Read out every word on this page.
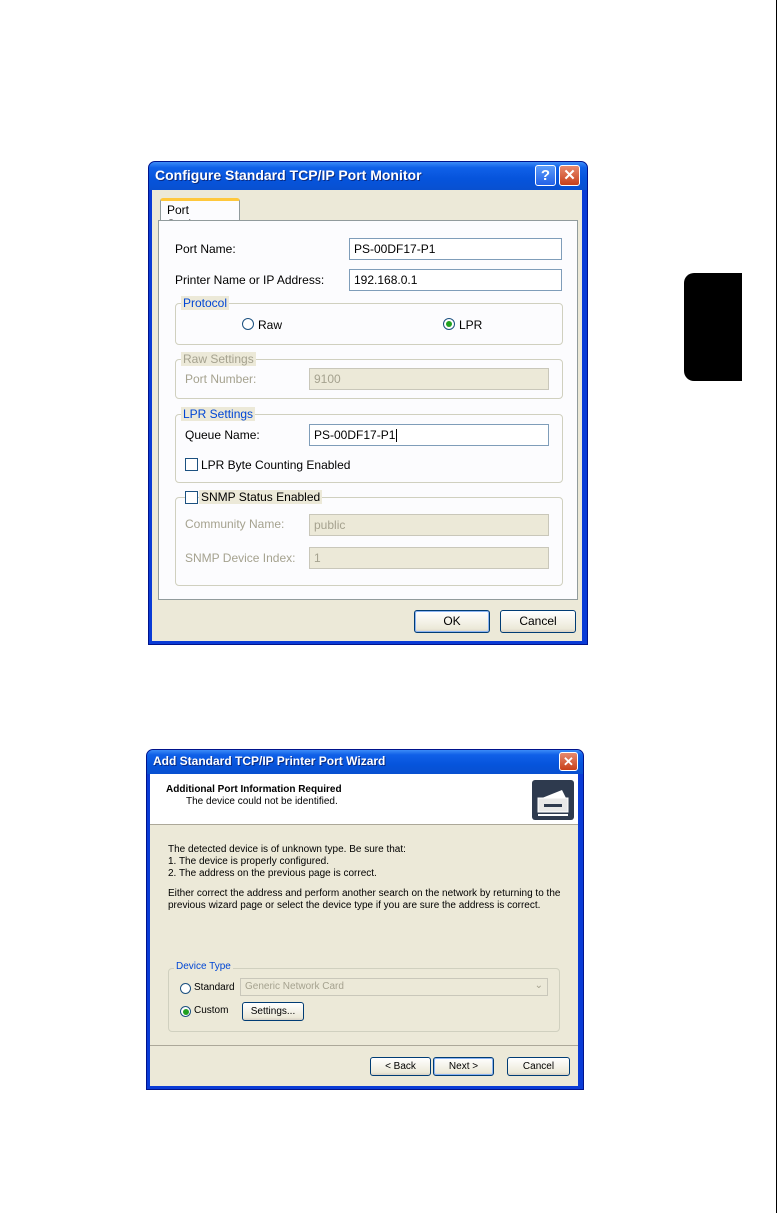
Configure Standard TCP/IP Port Monitor	? ✕
Port
Port Name:	PS-00DF17-P1
Printer Name or IP Address:	192.168.0.1
Protocol
Raw	LPR
Raw Settings
Port Number:	9100
LPR Settings
Queue Name:	PS-00DF17-P1
LPR Byte Counting Enabled
SNMP Status Enabled
Community Name:	public
SNMP Device Index:	1
OK	Cancel
Add Standard TCP/IP Printer Port Wizard	✕
Additional Port Information Required
The device could not be identified.
The detected device is of unknown type. Be sure that:
1. The device is properly configured.
2. The address on the previous page is correct.
Either correct the address and perform another search on the network by returning to the
previous wizard page or select the device type if you are sure the address is correct.
Device Type
Standard	Generic Network Card	⌄
Custom	Settings...
< Back	Next >	Cancel
